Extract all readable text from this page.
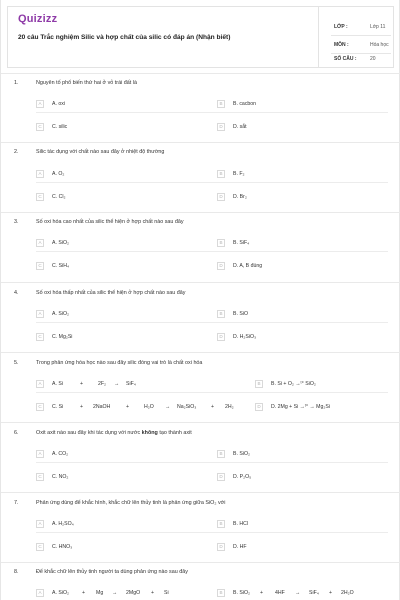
Quizizz
20 câu Trắc nghiệm Silic và hợp chất của silic có đáp án (Nhận biết)
LỚP :	Lớp 11
MÔN :	Hóa học
SỐ CÂU :	20
1.	Nguyên tố phổ biến thứ hai ở vỏ trái đất là
A	A. oxi	B	B. cacbon
C	C. silic	D	D. sắt
2.	Silic tác dụng với chất nào sau đây ở nhiệt độ thường
A	A. O₂	B	B. F₂
C	C. Cl₂	D	D. Br₂
3.	Số oxi hóa cao nhất của silic thể hiện ở hợp chất nào sau đây
A	A. SiO₂	B	B. SiF₄
C	C. SiH₄	D	D. A, B đúng
4.	Số oxi hóa thấp nhất của silic thể hiện ở hợp chất nào sau đây
A	A. SiO₂	B	B. SiO
C	C. Mg₂Si	D	D. H₂SiO₃
5.	Trong phản ứng hóa học nào sau đây silic đóng vai trò là chất oxi hóa
A	A. Si	+	2F₂ → SiF₄	B	B. Si + O₂ →ᵗ° SiO₂
C	C. Si	+ 2NaOH	+	H₂O → Na₂SiO₃	+ 2H₂	D	D. 2Mg + Si →ᵗ° → Mg₂Si
6.	Oxit axit nào sau đây khi tác dụng với nước không tạo thành axit
A	A. CO₂	B	B. SiO₂
C	C. NO₂	D	D. P₂O₅
7.	Phản ứng dùng để khắc hình, khắc chữ lên thủy tinh là phản ứng giữa SiO₂ với
A	A. H₂SO₄	B	B. HCl
C	C. HNO₃	D	D. HF
8.	Để khắc chữ lên thủy tinh người ta dùng phản ứng nào sau đây
A	A. SiO₂ + Mg → 2MgO + Si	B	B. SiO₂ + 4HF → SiF₄ + 2H₂O
